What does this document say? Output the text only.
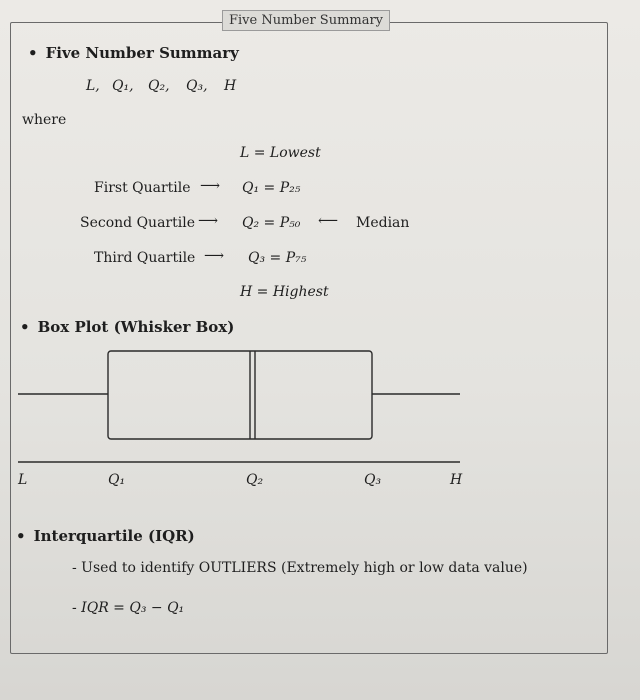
Five Number Summary
• Five Number Summary
L, Q₁, Q₂, Q₃, H
where
L = Lowest
First Quartile ⟶ Q₁ = P₂₅
Second Quartile ⟶ Q₂ = P₅₀ ⟵ Median
Third Quartile ⟶ Q₃ = P₇₅
H = Highest
• Box Plot (Whisker Box)
L	Q₁	Q₂	Q₃	H
• Interquartile (IQR)
- Used to identify OUTLIERS (Extremely high or low data value)
- IQR = Q₃ − Q₁
